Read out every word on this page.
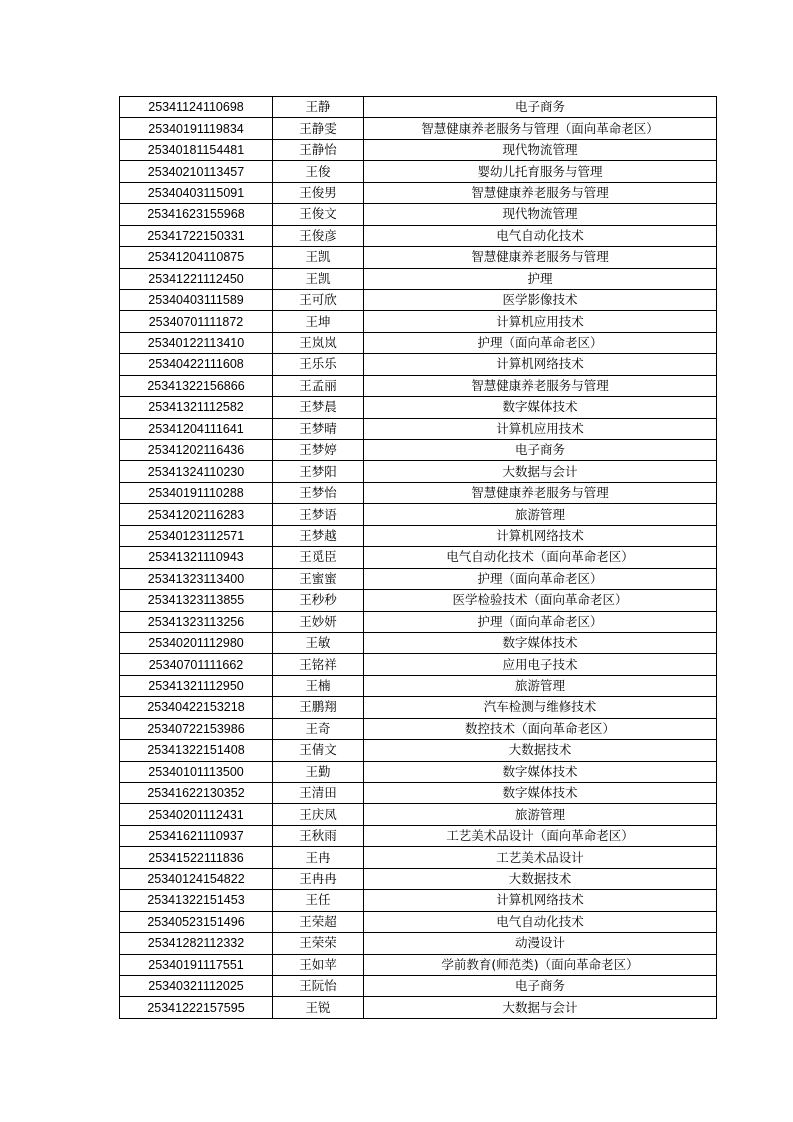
25341124110698	王静	电子商务
25340191119834	王静雯	智慧健康养老服务与管理（面向革命老区）
25340181154481	王静怡	现代物流管理
25340210113457	王俊	婴幼儿托育服务与管理
25340403115091	王俊男	智慧健康养老服务与管理
25341623155968	王俊文	现代物流管理
25341722150331	王俊彦	电气自动化技术
25341204110875	王凯	智慧健康养老服务与管理
25341221112450	王凯	护理
25340403111589	王可欣	医学影像技术
25340701111872	王坤	计算机应用技术
25340122113410	王岚岚	护理（面向革命老区）
25340422111608	王乐乐	计算机网络技术
25341322156866	王孟丽	智慧健康养老服务与管理
25341321112582	王梦晨	数字媒体技术
25341204111641	王梦晴	计算机应用技术
25341202116436	王梦婷	电子商务
25341324110230	王梦阳	大数据与会计
25340191110288	王梦怡	智慧健康养老服务与管理
25341202116283	王梦语	旅游管理
25340123112571	王梦越	计算机网络技术
25341321110943	王觅臣	电气自动化技术（面向革命老区）
25341323113400	王蜜蜜	护理（面向革命老区）
25341323113855	王秒秒	医学检验技术（面向革命老区）
25341323113256	王妙妍	护理（面向革命老区）
25340201112980	王敏	数字媒体技术
25340701111662	王铭祥	应用电子技术
25341321112950	王楠	旅游管理
25340422153218	王鹏翔	汽车检测与维修技术
25340722153986	王奇	数控技术（面向革命老区）
25341322151408	王倩文	大数据技术
25340101113500	王勤	数字媒体技术
25341622130352	王清田	数字媒体技术
25340201112431	王庆凤	旅游管理
25341621110937	王秋雨	工艺美术品设计（面向革命老区）
25341522111836	王冉	工艺美术品设计
25340124154822	王冉冉	大数据技术
25341322151453	王任	计算机网络技术
25340523151496	王荣超	电气自动化技术
25341282112332	王荣荣	动漫设计
25340191117551	王如苹	学前教育(师范类)（面向革命老区）
25340321112025	王阮怡	电子商务
25341222157595	王锐	大数据与会计
